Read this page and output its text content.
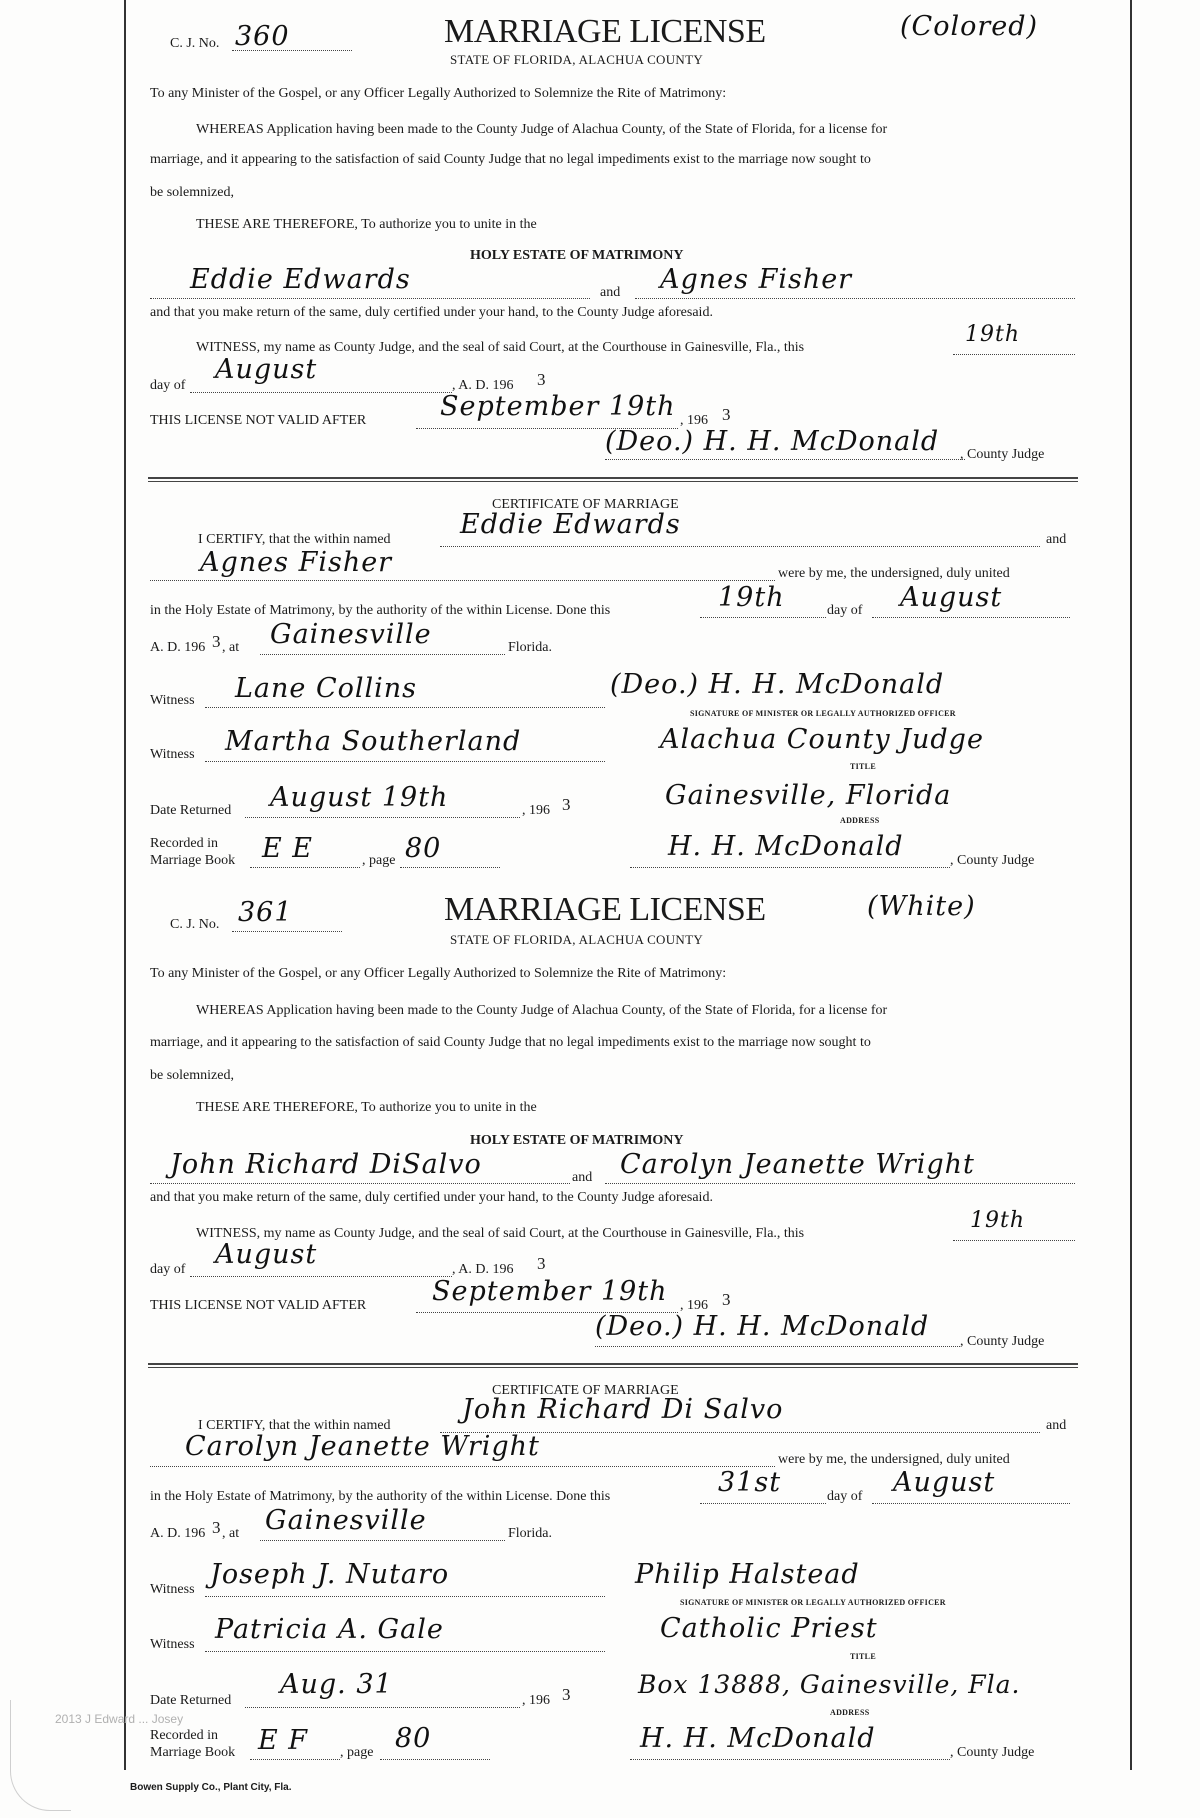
C. J. No. 360	MARRIAGE LICENSE
STATE OF FLORIDA, ALACHUA COUNTY
(Colored)
To any Minister of the Gospel, or any Officer Legally Authorized to Solemnize the Rite of Matrimony:
WHEREAS Application having been made to the County Judge of Alachua County, of the State of Florida, for a license for
marriage, and it appearing to the satisfaction of said County Judge that no legal impediments exist to the marriage now sought to
be solemnized,
THESE ARE THEREFORE, To authorize you to unite in the
HOLY ESTATE OF MATRIMONY
Eddie Edwards	and Agnes Fisher
and that you make return of the same, duly certified under your hand, to the County Judge aforesaid.
WITNESS, my name as County Judge, and the seal of said Court, at the Courthouse in Gainesville, Fla., this
19th
day of
August
, A. D. 196 3
THIS LICENSE NOT VALID AFTER	September 19th , 196 3
(Deo.) H. H. McDonald , County Judge
CERTIFICATE OF MARRIAGE
I CERTIFY, that the within named	Eddie Edwards	and
Agnes Fisher	were by me, the undersigned, duly united
in the Holy Estate of Matrimony, by the authority of the within License. Done this	19th	day of August
A. D. 196 3 , at Gainesville	Florida.
Witness Lane Collins	(Deo.) H. H. McDonald
SIGNATURE OF MINISTER OR LEGALLY AUTHORIZED OFFICER
Witness Martha Southerland	Alachua County Judge
TITLE
Date Returned August 19th	, 196 3	Gainesville, Florida
ADDRESS
Recorded in
Marriage Book E E	, page 80	H. H. McDonald	, County Judge
C. J. No. 361	MARRIAGE LICENSE
STATE OF FLORIDA, ALACHUA COUNTY
(White)
To any Minister of the Gospel, or any Officer Legally Authorized to Solemnize the Rite of Matrimony:
WHEREAS Application having been made to the County Judge of Alachua County, of the State of Florida, for a license for
marriage, and it appearing to the satisfaction of said County Judge that no legal impediments exist to the marriage now sought to
be solemnized,
THESE ARE THEREFORE, To authorize you to unite in the
HOLY ESTATE OF MATRIMONY
John Richard DiSalvo	and Carolyn Jeanette Wright
and that you make return of the same, duly certified under your hand, to the County Judge aforesaid.
WITNESS, my name as County Judge, and the seal of said Court, at the Courthouse in Gainesville, Fla., this
19th
day of August	, A. D. 196 3
THIS LICENSE NOT VALID AFTER September 19th , 196 3
(Deo.) H. H. McDonald , County Judge
CERTIFICATE OF MARRIAGE
I CERTIFY, that the within named
John Richard Di Salvo
and
Carolyn Jeanette Wright	were by me, the undersigned, duly united
in the Holy Estate of Matrimony, by the authority of the within License. Done this	31st	day of August
A. D. 196 3 , at Gainesville	Florida.
Witness Joseph J. Nutaro	Philip Halstead
SIGNATURE OF MINISTER OR LEGALLY AUTHORIZED OFFICER
Witness Patricia A. Gale	Catholic Priest
TITLE
Date Returned
Aug. 31
, 196 3	Box 13888, Gainesville, Fla.
ADDRESS
2013 J Edward ... Josey
Recorded in
Marriage Book E F , page 80	H. H. McDonald	, County Judge
Bowen Supply Co., Plant City, Fla.
